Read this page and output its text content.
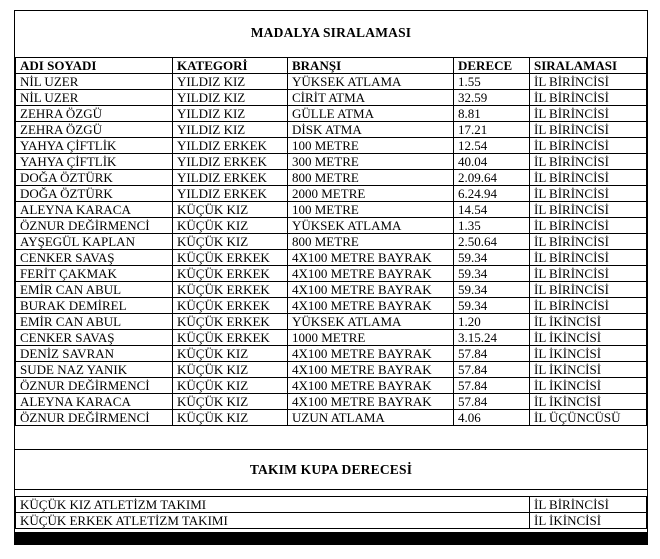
MADALYA SIRALAMASI
ADI SOYADI	KATEGORİ	BRANŞI	DERECE	SIRALAMASI
NİL UZER	YILDIZ KIZ	YÜKSEK ATLAMA	1.55	İL BİRİNCİSİ
NİL UZER	YILDIZ KIZ	CİRİT ATMA	32.59	İL BİRİNCİSİ
ZEHRA ÖZGÜ	YILDIZ KIZ	GÜLLE ATMA	8.81	İL BİRİNCİSİ
ZEHRA ÖZGÜ	YILDIZ KIZ	DİSK ATMA	17.21	İL BİRİNCİSİ
YAHYA ÇİFTLİK	YILDIZ ERKEK	100 METRE	12.54	İL BİRİNCİSİ
YAHYA ÇİFTLİK	YILDIZ ERKEK	300 METRE	40.04	İL BİRİNCİSİ
DOĞA ÖZTÜRK	YILDIZ ERKEK	800 METRE	2.09.64	İL BİRİNCİSİ
DOĞA ÖZTÜRK	YILDIZ ERKEK	2000 METRE	6.24.94	İL BİRİNCİSİ
ALEYNA KARACA	KÜÇÜK KIZ	100 METRE	14.54	İL BİRİNCİSİ
ÖZNUR DEĞİRMENCİ	KÜÇÜK KIZ	YÜKSEK ATLAMA	1.35	İL BİRİNCİSİ
AYŞEGÜL KAPLAN	KÜÇÜK KIZ	800 METRE	2.50.64	İL BİRİNCİSİ
CENKER SAVAŞ	KÜÇÜK ERKEK	4X100 METRE BAYRAK	59.34	İL BİRİNCİSİ
FERİT ÇAKMAK	KÜÇÜK ERKEK	4X100 METRE BAYRAK	59.34	İL BİRİNCİSİ
EMİR CAN ABUL	KÜÇÜK ERKEK	4X100 METRE BAYRAK	59.34	İL BİRİNCİSİ
BURAK DEMİREL	KÜÇÜK ERKEK	4X100 METRE BAYRAK	59.34	İL BİRİNCİSİ
EMİR CAN ABUL	KÜÇÜK ERKEK	YÜKSEK ATLAMA	1.20	İL İKİNCİSİ
CENKER SAVAŞ	KÜÇÜK ERKEK	1000 METRE	3.15.24	İL İKİNCİSİ
DENİZ SAVRAN	KÜÇÜK KIZ	4X100 METRE BAYRAK	57.84	İL İKİNCİSİ
SUDE NAZ YANIK	KÜÇÜK KIZ	4X100 METRE BAYRAK	57.84	İL İKİNCİSİ
ÖZNUR DEĞİRMENCİ	KÜÇÜK KIZ	4X100 METRE BAYRAK	57.84	İL İKİNCİSİ
ALEYNA KARACA	KÜÇÜK KIZ	4X100 METRE BAYRAK	57.84	İL İKİNCİSİ
ÖZNUR DEĞİRMENCİ	KÜÇÜK KIZ	UZUN ATLAMA	4.06	İL ÜÇÜNCÜSÜ
TAKIM KUPA DERECESİ
KÜÇÜK KIZ ATLETİZM TAKIMI	İL BİRİNCİSİ
KÜÇÜK ERKEK ATLETİZM TAKIMI	İL İKİNCİSİ
